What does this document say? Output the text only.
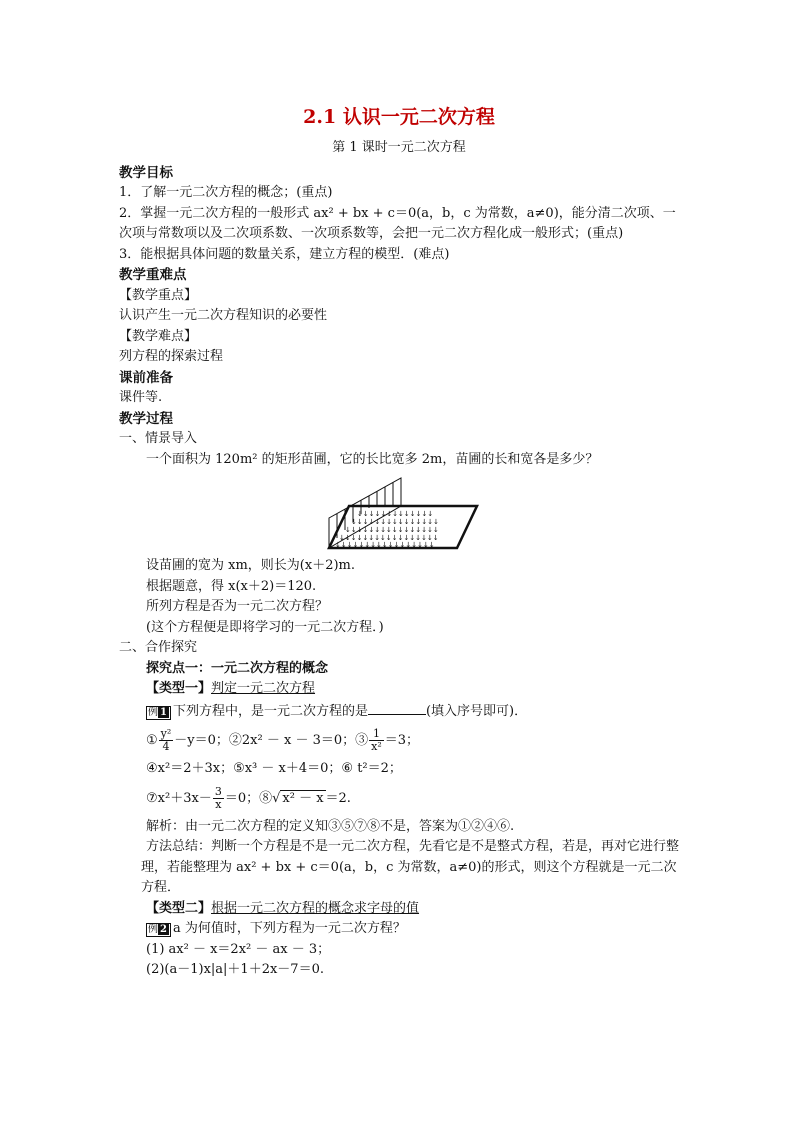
2.1 认识一元二次方程
第 1 课时一元二次方程
教学目标
1．了解一元二次方程的概念；(重点)
2．掌握一元二次方程的一般形式 ax² + bx + c＝0(a，b，c 为常数，a≠0)，能分清二次项、一次项与常数项以及二次项系数、一次项系数等，会把一元二次方程化成一般形式；(重点)
3．能根据具体问题的数量关系，建立方程的模型．(难点)
教学重难点
【教学重点】
认识产生一元二次方程知识的必要性
【教学难点】
列方程的探索过程
课前准备
课件等.
教学过程
一、情景导入
一个面积为 120m² 的矩形苗圃，它的长比宽多 2m，苗圃的长和宽各是多少？
↓↓↓↓↓↓↓↓↓↓↓↓↓
↓↓↓↓↓↓↓↓↓↓↓↓↓↓↓
↓↓↓↓↓↓↓↓↓↓↓↓↓↓↓↓
↓↓↓↓↓↓↓↓↓↓↓↓↓↓↓↓↓
↓↓↓↓↓↓↓↓↓↓↓↓↓↓↓↓↓
设苗圃的宽为 xm，则长为(x＋2)m.
根据题意，得 x(x＋2)＝120.
所列方程是否为一元二次方程？
(这个方程便是即将学习的一元二次方程．)
二、合作探究
探究点一：一元二次方程的概念
【类型一】判定一元二次方程
例 1 下列方程中，是一元二次方程的是	(填入序号即可)．
① $\frac{\text{y²}}{4} -y=0$；②2x² － x － 3＝0；③ $\frac{1}{\text{x²}} =3$；
④x²＝2＋3x；⑤x³ － x＋4＝0；⑥ t²＝2；
⑦x²＋3x－ $\frac{3}{x} =0$；⑧√ x² － x ＝2.
解析：由一元二次方程的定义知③⑤⑦⑧不是，答案为①②④⑥.
方法总结：判断一个方程是不是一元二次方程，先看它是不是整式方程，若是，再对它进行整理，若能整理为 ax² + bx + c＝0(a，b，c 为常数，a≠0)的形式，则这个方程就是一元二次方程．
【类型二】根据一元二次方程的概念求字母的值
例 2 a 为何值时，下列方程为一元二次方程？
(1) ax² － x＝2x² － ax － 3；
(2)(a－1)x|a|＋1＋2x－7＝0.
